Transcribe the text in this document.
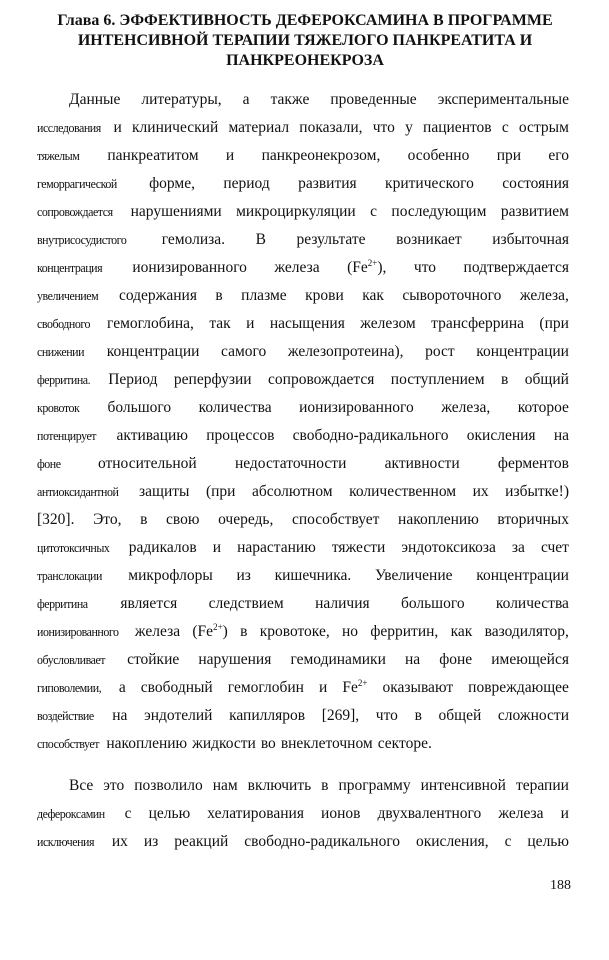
Глава 6. ЭФФЕКТИВНОСТЬ ДЕФЕРОКСАМИНА В ПРОГРАММЕ
ИНТЕНСИВНОЙ ТЕРАПИИ ТЯЖЕЛОГО ПАНКРЕАТИТА И
ПАНКРЕОНЕКРОЗА
Данные литературы, а также проведенные экспериментальные
исследования и клинический материал показали, что у пациентов с острым
тяжелым панкреатитом и панкреонекрозом, особенно при его
геморрагической форме, период развития критического состояния
сопровождается нарушениями микроциркуляции с последующим развитием
внутрисосудистого гемолиза. В результате возникает избыточная
концентрация ионизированного железа $(Fe^{2+})$, что подтверждается
увеличением содержания в плазме крови как сывороточного железа,
свободного гемоглобина, так и насыщения железом трансферрина (при
снижении концентрации самого железопротеина), рост концентрации
ферритина. Период реперфузии сопровождается поступлением в общий
кровоток большого количества ионизированного железа, которое
потенцирует активацию процессов свободно-радикального окисления на
фоне относительной недостаточности активности ферментов
антиоксидантной защиты (при абсолютном количественном их избытке!)
[320]. Это, в свою очередь, способствует накоплению вторичных
цитотоксичных радикалов и нарастанию тяжести эндотоксикоза за счет
транслокации микрофлоры из кишечника. Увеличение концентрации
ферритина является следствием наличия большого количества
ионизированного железа $(Fe^{2+})$ в кровотоке, но ферритин, как вазодилятор,
обусловливает стойкие нарушения гемодинамики на фоне имеющейся
гиповолемии, а свободный гемоглобин и $Fe^{2+}$ оказывают повреждающее
воздействие на эндотелий капилляров [269], что в общей сложности
способствует накоплению жидкости во внеклеточном секторе.
Все это позволило нам включить в программу интенсивной терапии
дефероксамин с целью хелатирования ионов двухвалентного железа и
исключения их из реакций свободно-радикального окисления, с целью
188
